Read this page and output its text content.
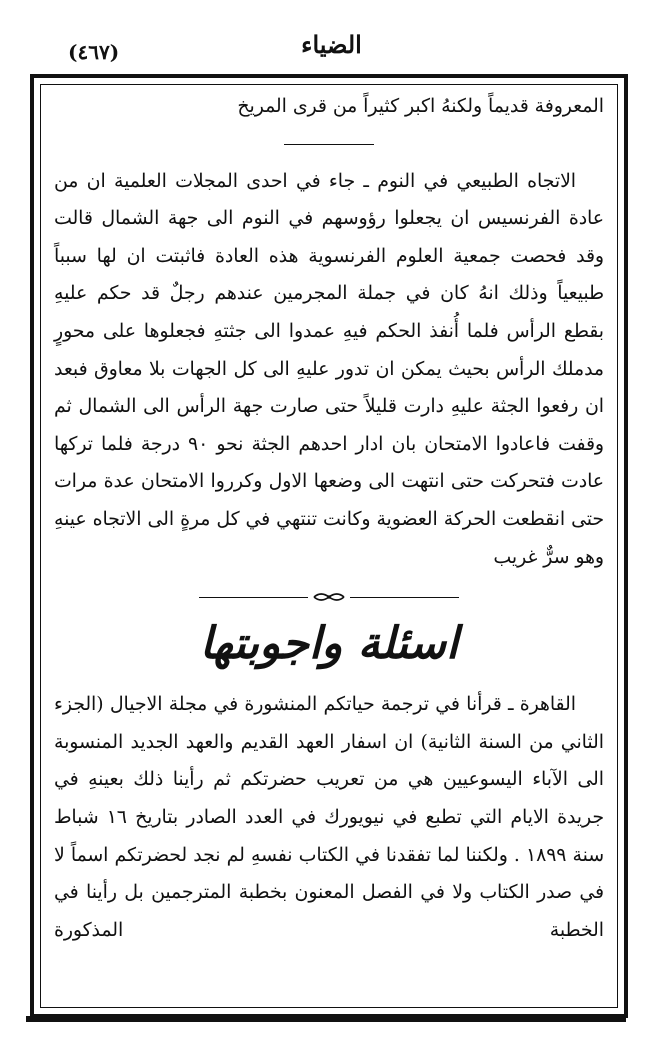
الضياء
(٤٦٧)

المعروفة قديماً ولكنهُ اكبر كثيراً من قرى المريخ

الاتجاه الطبيعي في النوم ـ جاء في احدى المجلات العلمية ان من عادة الفرنسيس ان يجعلوا رؤوسهم في النوم الى جهة الشمال قالت وقد فحصت جمعية العلوم الفرنسوية هذه العادة فاثبتت ان لها سبباً طبيعياً وذلك انهُ كان في جملة المجرمين عندهم رجلٌ قد حكم عليهِ بقطع الرأس فلما أُنفذ الحكم فيهِ عمدوا الى جثتهِ فجعلوها على محورٍ مدملك الرأس بحيث يمكن ان تدور عليهِ الى كل الجهات بلا معاوق فبعد ان رفعوا الجثة عليهِ دارت قليلاً حتى صارت جهة الرأس الى الشمال ثم وقفت فاعادوا الامتحان بان ادار احدهم الجثة نحو ٩٠ درجة فلما تركها عادت فتحركت حتى انتهت الى وضعها الاول وكرروا الامتحان عدة مرات حتى انقطعت الحركة العضوية وكانت تنتهي في كل مرةٍ الى الاتجاه عينهِ وهو سرٌّ غريب

اسئلة واجوبتها

القاهرة ـ قرأنا في ترجمة حياتكم المنشورة في مجلة الاجيال (الجزء الثاني من السنة الثانية) ان اسفار العهد القديم والعهد الجديد المنسوبة الى الآباء اليسوعيين هي من تعريب حضرتكم ثم رأينا ذلك بعينهِ في جريدة الايام التي تطبع في نيويورك في العدد الصادر بتاريخ ١٦ شباط سنة ١٨٩٩ . ولكننا لما تفقدنا في الكتاب نفسهِ لم نجد لحضرتكم اسماً لا في صدر الكتاب ولا في الفصل المعنون بخطبة المترجمين بل رأينا في الخطبة المذكورة
